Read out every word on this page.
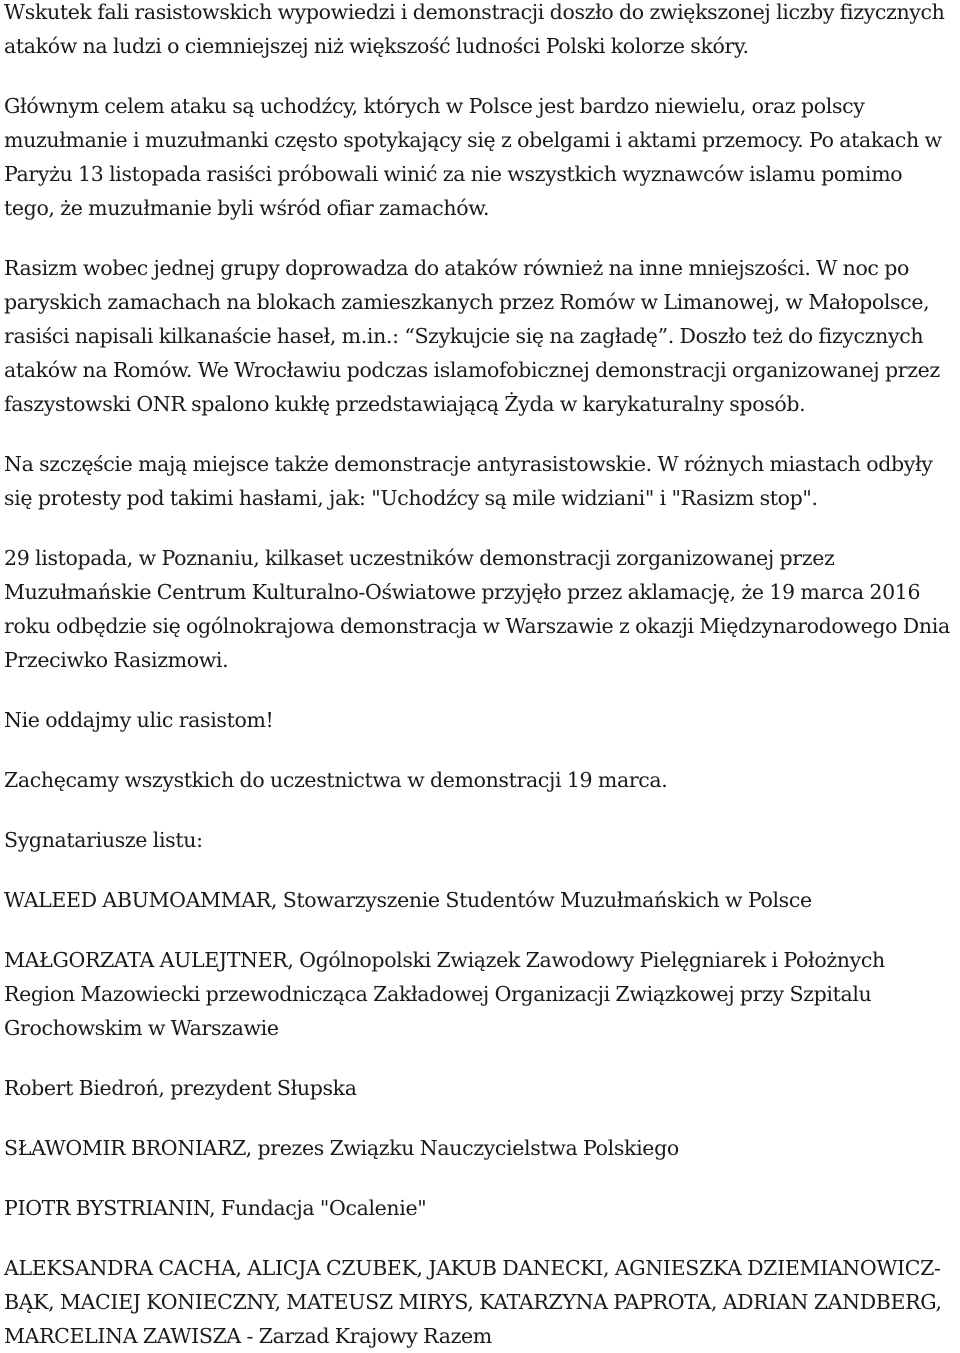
Wskutek fali rasistowskich wypowiedzi i demonstracji doszło do zwiększonej liczby fizycznych ataków na ludzi o ciemniejszej niż większość ludności Polski kolorze skóry.

Głównym celem ataku są uchodźcy, których w Polsce jest bardzo niewielu, oraz polscy muzułmanie i muzułmanki często spotykający się z obelgami i aktami przemocy. Po atakach w Paryżu 13 listopada rasiści próbowali winić za nie wszystkich wyznawców islamu pomimo tego, że muzułmanie byli wśród ofiar zamachów.

Rasizm wobec jednej grupy doprowadza do ataków również na inne mniejszości. W noc po paryskich zamachach na blokach zamieszkanych przez Romów w Limanowej, w Małopolsce, rasiści napisali kilkanaście haseł, m.in.: “Szykujcie się na zagładę”. Doszło też do fizycznych ataków na Romów. We Wrocławiu podczas islamofobicznej demonstracji organizowanej przez faszystowski ONR spalono kukłę przedstawiającą Żyda w karykaturalny sposób.

Na szczęście mają miejsce także demonstracje antyrasistowskie. W różnych miastach odbyły się protesty pod takimi hasłami, jak: "Uchodźcy są mile widziani" i "Rasizm stop".

29 listopada, w Poznaniu, kilkaset uczestników demonstracji zorganizowanej przez Muzułmańskie Centrum Kulturalno-Oświatowe przyjęło przez aklamację, że 19 marca 2016 roku odbędzie się ogólnokrajowa demonstracja w Warszawie z okazji Międzynarodowego Dnia Przeciwko Rasizmowi.

Nie oddajmy ulic rasistom!

Zachęcamy wszystkich do uczestnictwa w demonstracji 19 marca.

Sygnatariusze listu:

WALEED ABUMOAMMAR, Stowarzyszenie Studentów Muzułmańskich w Polsce

MAŁGORZATA AULEJTNER, Ogólnopolski Związek Zawodowy Pielęgniarek i Położnych Region Mazowiecki przewodnicząca Zakładowej Organizacji Związkowej przy Szpitalu Grochowskim w Warszawie

Robert Biedroń, prezydent Słupska

SŁAWOMIR BRONIARZ, prezes Związku Nauczycielstwa Polskiego

PIOTR BYSTRIANIN, Fundacja "Ocalenie"

ALEKSANDRA CACHA, ALICJA CZUBEK, JAKUB DANECKI, AGNIESZKA DZIEMIANOWICZ-BĄK, MACIEJ KONIECZNY, MATEUSZ MIRYS, KATARZYNA PAPROTA, ADRIAN ZANDBERG, MARCELINA ZAWISZA - Zarzad Krajowy Razem
